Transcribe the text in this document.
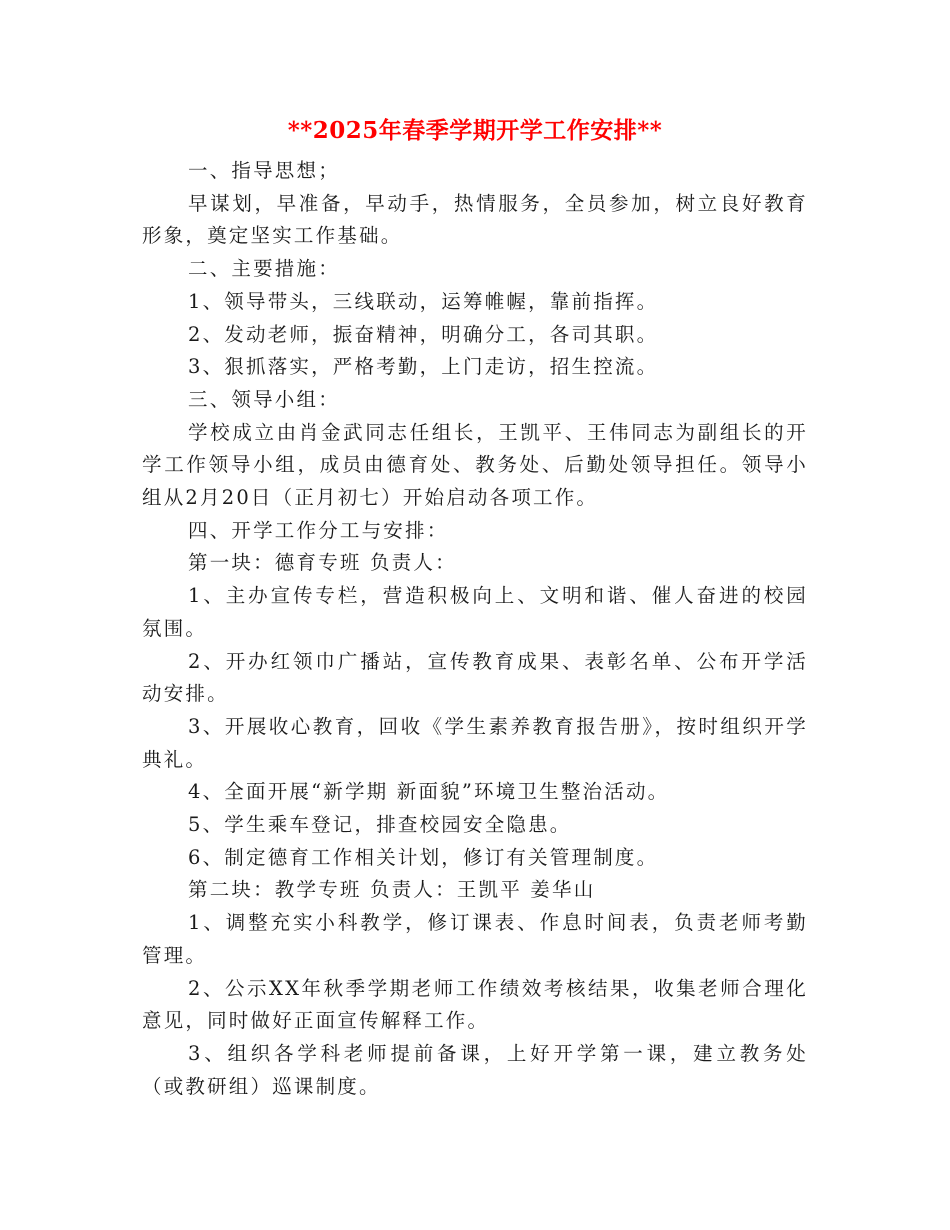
**2025年春季学期开学工作安排**

一、指导思想；

早谋划，早准备，早动手，热情服务，全员参加，树立良好教育形象，奠定坚实工作基础。

二、主要措施：

1、领导带头，三线联动，运筹帷幄，靠前指挥。

2、发动老师，振奋精神，明确分工，各司其职。

3、狠抓落实，严格考勤，上门走访，招生控流。

三、领导小组：

学校成立由肖金武同志任组长，王凯平、王伟同志为副组长的开学工作领导小组，成员由德育处、教务处、后勤处领导担任。领导小组从2月20日（正月初七）开始启动各项工作。

四、开学工作分工与安排：

第一块：德育专班 负责人：

1、主办宣传专栏，营造积极向上、文明和谐、催人奋进的校园氛围。

2、开办红领巾广播站，宣传教育成果、表彰名单、公布开学活动安排。

3、开展收心教育，回收《学生素养教育报告册》，按时组织开学典礼。

4、全面开展“新学期 新面貌”环境卫生整治活动。

5、学生乘车登记，排查校园安全隐患。

6、制定德育工作相关计划，修订有关管理制度。

第二块：教学专班 负责人：王凯平 姜华山

1、调整充实小科教学，修订课表、作息时间表，负责老师考勤管理。

2、公示XX年秋季学期老师工作绩效考核结果，收集老师合理化意见，同时做好正面宣传解释工作。

3、组织各学科老师提前备课，上好开学第一课，建立教务处（或教研组）巡课制度。
